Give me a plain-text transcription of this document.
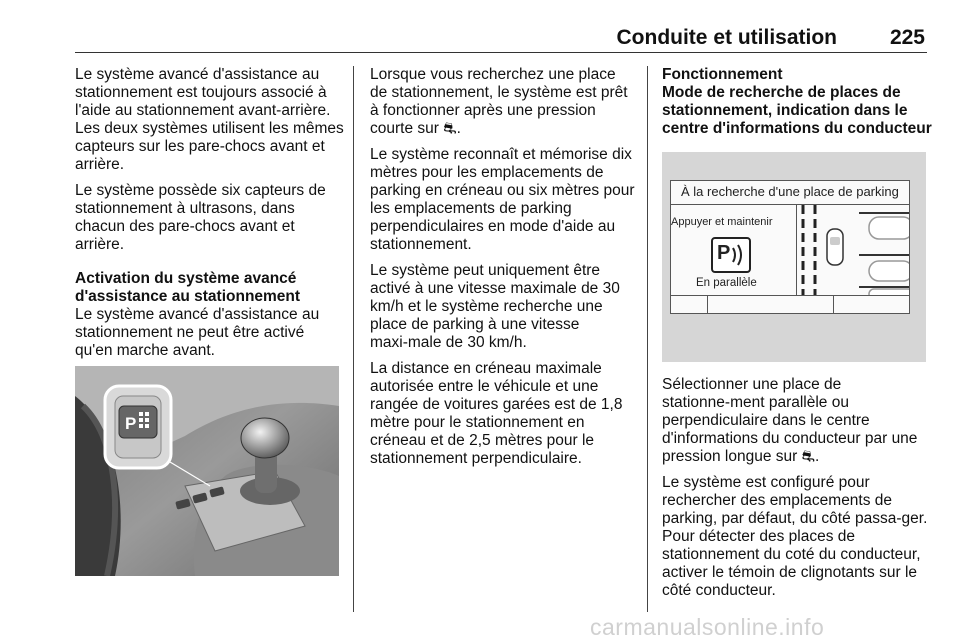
Conduite et utilisation	225

Le système avancé d'assistance au stationnement est toujours associé à l'aide au stationnement avant-arrière. Les deux systèmes utilisent les mêmes capteurs sur les pare-chocs avant et arrière.

Le système possède six capteurs de stationnement à ultrasons, dans chacun des pare-chocs avant et arrière.

Activation du système avancé d'assistance au stationnement

Le système avancé d'assistance au stationnement ne peut être activé qu'en marche avant.

P

Lorsque vous recherchez une place de stationnement, le système est prêt à fonctionner après une pression courte sur ⛐.

Le système reconnaît et mémorise dix mètres pour les emplacements de parking en créneau ou six mètres pour les emplacements de parking perpendiculaires en mode d'aide au stationnement.

Le système peut uniquement être activé à une vitesse maximale de 30 km/h et le système recherche une place de parking à une vitesse maxi‑male de 30 km/h.

La distance en créneau maximale autorisée entre le véhicule et une rangée de voitures garées est de 1,8 mètre pour le stationnement en créneau et de 2,5 mètres pour le stationnement perpendiculaire.

Fonctionnement
Mode de recherche de places de stationnement, indication dans le centre d'informations du conducteur
À la recherche d'une place de parking
Appuyer et maintenir
P
En parallèle

Sélectionner une place de stationne‑ment parallèle ou perpendiculaire dans le centre d'informations du conducteur par une pression longue sur ⛐.

Le système est configuré pour rechercher des emplacements de parking, par défaut, du côté passa‑ger. Pour détecter des places de stationnement du coté du conducteur, activer le témoin de clignotants sur le côté conducteur.

carmanualsonline.info
